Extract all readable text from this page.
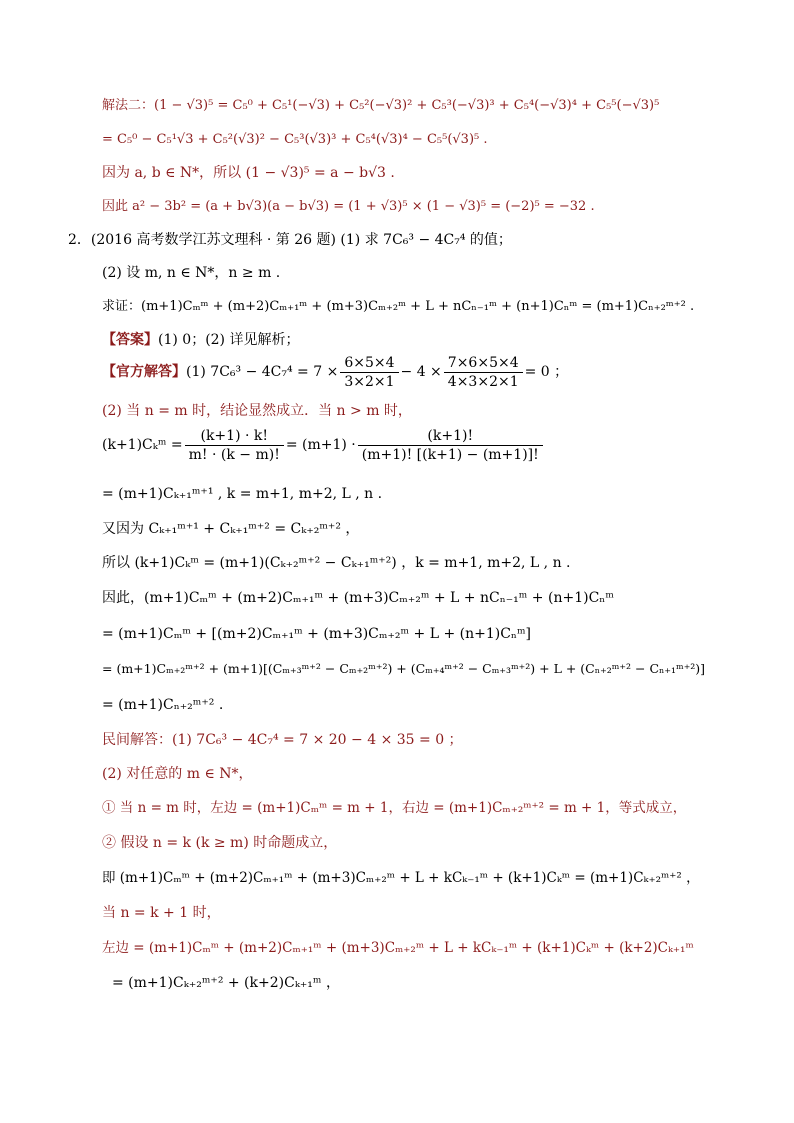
解法二：(1 − √3)⁵ = C₅⁰ + C₅¹(−√3) + C₅²(−√3)² + C₅³(−√3)³ + C₅⁴(−√3)⁴ + C₅⁵(−√3)⁵
= C₅⁰ − C₅¹√3 + C₅²(√3)² − C₅³(√3)³ + C₅⁴(√3)⁴ − C₅⁵(√3)⁵ .
因为 a, b ∈ N*，所以 (1 − √3)⁵ = a − b√3 .
因此 a² − 3b² = (a + b√3)(a − b√3) = (1 + √3)⁵ × (1 − √3)⁵ = (−2)⁵ = −32 .
2．(2016 高考数学江苏文理科 · 第 26 题) (1) 求 7C₆³ − 4C₇⁴ 的值；
(2) 设 m, n ∈ N*，n ≥ m .
求证：(m+1)Cₘᵐ + (m+2)Cₘ₊₁ᵐ + (m+3)Cₘ₊₂ᵐ + L + nCₙ₋₁ᵐ + (n+1)Cₙᵐ = (m+1)Cₙ₊₂ᵐ⁺² .
【答案】(1) 0；(2) 详见解析；
【官方解答】(1) $7C_6^3 - 4C_7^4 = 7 \times \frac{6\times 5\times 4}{3\times 2\times 1} - 4 \times \frac{7\times 6\times 5\times 4}{4\times 3\times 2\times 1} = 0$ ；
(2) 当 n = m 时，结论显然成立．当 n > m 时，
(k+1)Cₖᵐ = $\frac{(k+1) \cdot k!}{m! \cdot (k - m)!} = (m+1) \cdot \frac{(k+1)!}{(m+1)! [(k+1) - (m+1)]!}$
= (m+1)Cₖ₊₁ᵐ⁺¹ , k = m+1, m+2, L , n .
又因为 Cₖ₊₁ᵐ⁺¹ + Cₖ₊₁ᵐ⁺² = Cₖ₊₂ᵐ⁺² ，
所以 (k+1)Cₖᵐ = (m+1)(Cₖ₊₂ᵐ⁺² − Cₖ₊₁ᵐ⁺²) ，k = m+1, m+2, L , n .
因此，(m+1)Cₘᵐ + (m+2)Cₘ₊₁ᵐ + (m+3)Cₘ₊₂ᵐ + L + nCₙ₋₁ᵐ + (n+1)Cₙᵐ
= (m+1)Cₘᵐ + [(m+2)Cₘ₊₁ᵐ + (m+3)Cₘ₊₂ᵐ + L + (n+1)Cₙᵐ]
= (m+1)Cₘ₊₂ᵐ⁺² + (m+1)[(Cₘ₊₃ᵐ⁺² − Cₘ₊₂ᵐ⁺²) + (Cₘ₊₄ᵐ⁺² − Cₘ₊₃ᵐ⁺²) + L + (Cₙ₊₂ᵐ⁺² − Cₙ₊₁ᵐ⁺²)]
= (m+1)Cₙ₊₂ᵐ⁺² .
民间解答：(1) 7C₆³ − 4C₇⁴ = 7 × 20 − 4 × 35 = 0 ；
(2) 对任意的 m ∈ N*，
① 当 n = m 时，左边 = (m+1)Cₘᵐ = m + 1，右边 = (m+1)Cₘ₊₂ᵐ⁺² = m + 1，等式成立，
② 假设 n = k (k ≥ m) 时命题成立，
即 (m+1)Cₘᵐ + (m+2)Cₘ₊₁ᵐ + (m+3)Cₘ₊₂ᵐ + L + kCₖ₋₁ᵐ + (k+1)Cₖᵐ = (m+1)Cₖ₊₂ᵐ⁺² ，
当 n = k + 1 时，
左边 = (m+1)Cₘᵐ + (m+2)Cₘ₊₁ᵐ + (m+3)Cₘ₊₂ᵐ + L + kCₖ₋₁ᵐ + (k+1)Cₖᵐ + (k+2)Cₖ₊₁ᵐ
= (m+1)Cₖ₊₂ᵐ⁺² + (k+2)Cₖ₊₁ᵐ ，
